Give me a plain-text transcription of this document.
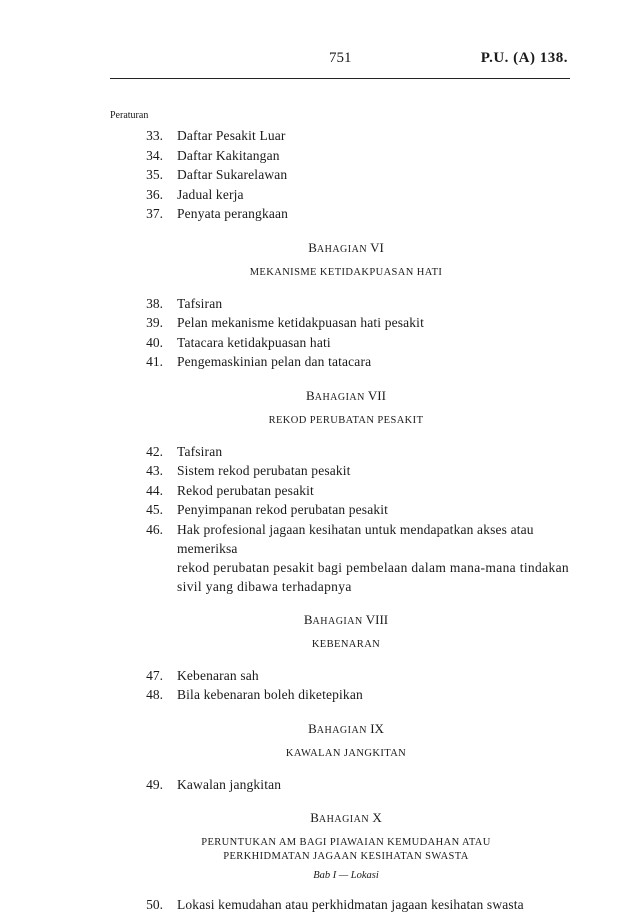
751	P.U. (A) 138.
Peraturan
33.	Daftar Pesakit Luar
34.	Daftar Kakitangan
35.	Daftar Sukarelawan
36.	Jadual kerja
37.	Penyata perangkaan
BAHAGIAN VI
MEKANISME KETIDAKPUASAN HATI
38.	Tafsiran
39.	Pelan mekanisme ketidakpuasan hati pesakit
40.	Tatacara ketidakpuasan hati
41.	Pengemaskinian pelan dan tatacara
BAHAGIAN VII
REKOD PERUBATAN PESAKIT
42.	Tafsiran
43.	Sistem rekod perubatan pesakit
44.	Rekod perubatan pesakit
45.	Penyimpanan rekod perubatan pesakit
46. Hak profesional jagaan kesihatan untuk mendapatkan akses atau memeriksa
rekod perubatan pesakit bagi pembelaan dalam mana-mana tindakan
sivil yang dibawa terhadapnya
BAHAGIAN VIII
KEBENARAN
47.	Kebenaran sah
48.	Bila kebenaran boleh diketepikan
BAHAGIAN IX
KAWALAN JANGKITAN
49.	Kawalan jangkitan
BAHAGIAN X
PERUNTUKAN AM BAGI PIAWAIAN KEMUDAHAN ATAU
PERKHIDMATAN JAGAAN KESIHATAN SWASTA
Bab I — Lokasi
50.	Lokasi kemudahan atau perkhidmatan jagaan kesihatan swasta
